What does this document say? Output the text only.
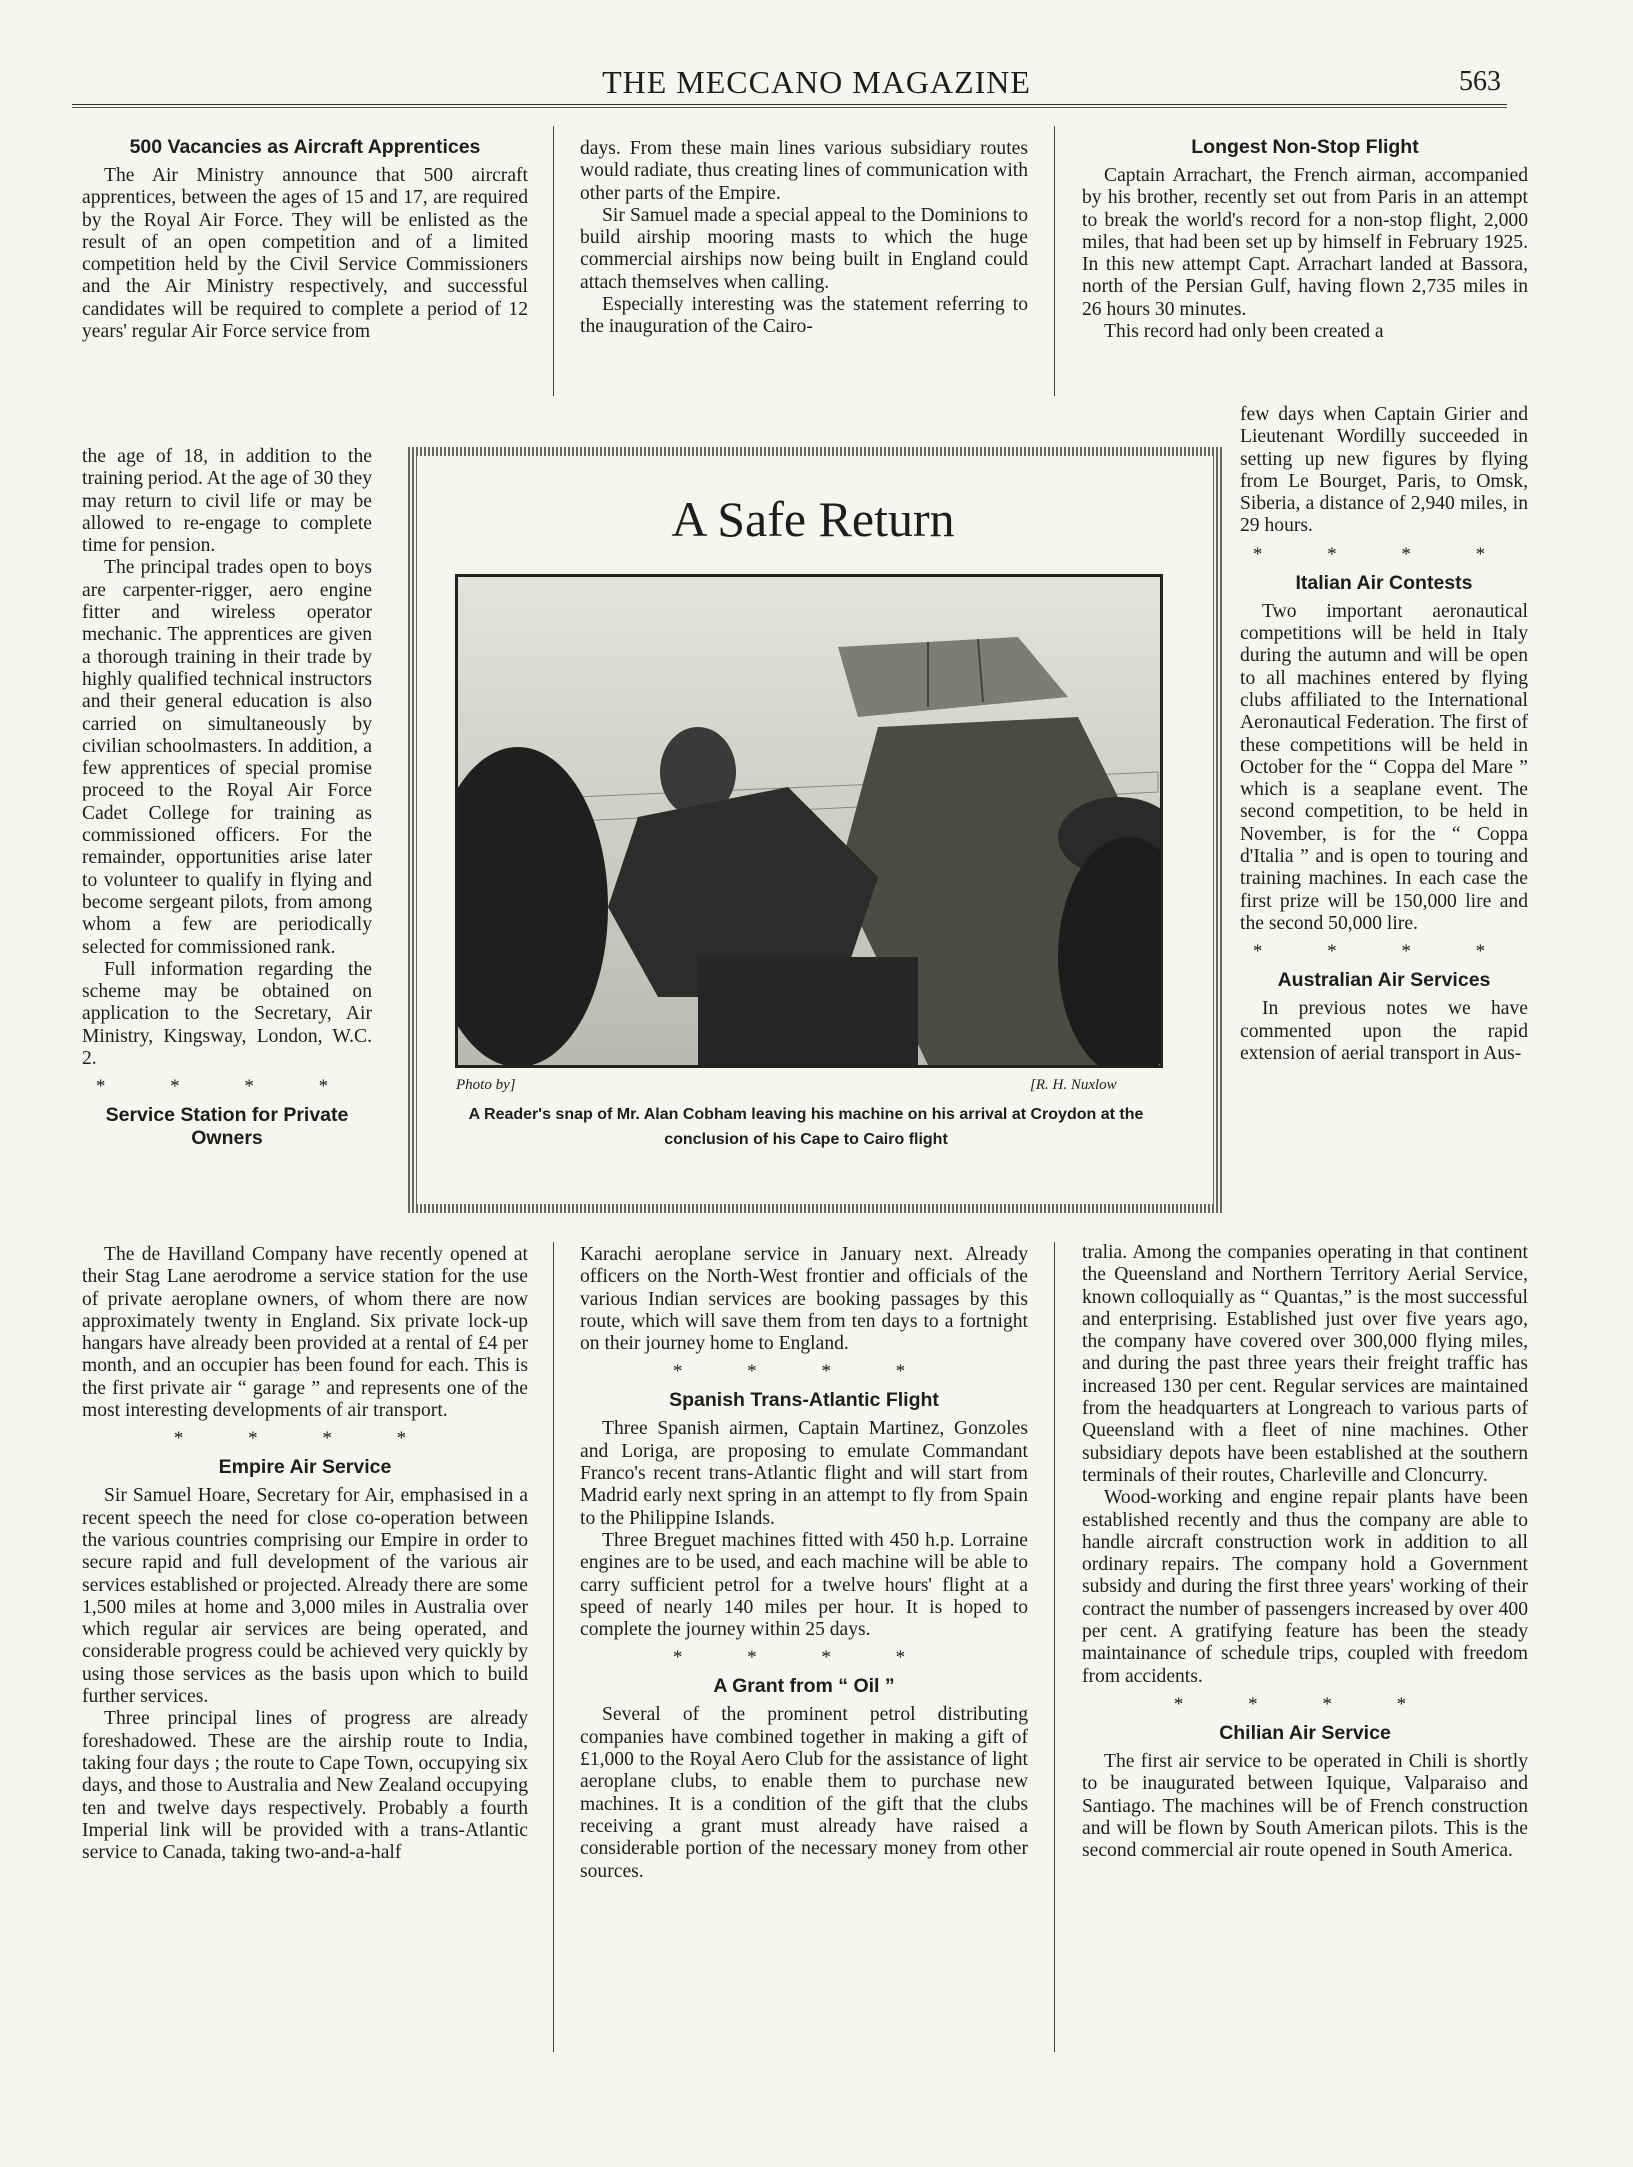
THE MECCANO MAGAZINE	563
500 Vacancies as Aircraft Apprentices

The Air Ministry announce that 500 aircraft apprentices, between the ages of 15 and 17, are required by the Royal Air Force. They will be enlisted as the result of an open competition and of a limited competition held by the Civil Service Commissioners and the Air Ministry respectively, and successful candidates will be required to complete a period of 12 years' regular Air Force service from

the age of 18, in addition to the training period. At the age of 30 they may return to civil life or may be allowed to re-engage to complete time for pension.

The principal trades open to boys are carpenter-rigger, aero engine fitter and wireless operator mechanic. The apprentices are given a thorough training in their trade by highly qualified technical instructors and their general education is also carried on simultaneously by civilian schoolmasters. In addition, a few apprentices of special promise proceed to the Royal Air Force Cadet College for training as commissioned officers. For the remainder, opportunities arise later to volunteer to qualify in flying and become sergeant pilots, from among whom a few are periodically selected for commissioned rank.

Full information regarding the scheme may be obtained on application to the Secretary, Air Ministry, Kingsway, London, W.C. 2.

* * * *
Service Station for Private Owners

The de Havilland Company have recently opened at their Stag Lane aerodrome a service station for the use of private aeroplane owners, of whom there are now approximately twenty in England. Six private lock-up hangars have already been provided at a rental of £4 per month, and an occupier has been found for each. This is the first private air “ garage ” and represents one of the most interesting developments of air transport.

* * * *
Empire Air Service

Sir Samuel Hoare, Secretary for Air, emphasised in a recent speech the need for close co-operation between the various countries comprising our Empire in order to secure rapid and full development of the various air services established or projected. Already there are some 1,500 miles at home and 3,000 miles in Australia over which regular air services are being operated, and considerable progress could be achieved very quickly by using those services as the basis upon which to build further services.

Three principal lines of progress are already foreshadowed. These are the airship route to India, taking four days ; the route to Cape Town, occupying six days, and those to Australia and New Zealand occupying ten and twelve days respectively. Probably a fourth Imperial link will be provided with a trans-Atlantic service to Canada, taking two-and-a-half

days. From these main lines various subsidiary routes would radiate, thus creating lines of communication with other parts of the Empire.

Sir Samuel made a special appeal to the Dominions to build airship mooring masts to which the huge commercial airships now being built in England could attach themselves when calling.

Especially interesting was the statement referring to the inauguration of the Cairo-

Karachi aeroplane service in January next. Already officers on the North-West frontier and officials of the various Indian services are booking passages by this route, which will save them from ten days to a fortnight on their journey home to England.

* * * *
Spanish Trans-Atlantic Flight

Three Spanish airmen, Captain Martinez, Gonzoles and Loriga, are proposing to emulate Commandant Franco's recent trans-Atlantic flight and will start from Madrid early next spring in an attempt to fly from Spain to the Philippine Islands.

Three Breguet machines fitted with 450 h.p. Lorraine engines are to be used, and each machine will be able to carry sufficient petrol for a twelve hours' flight at a speed of nearly 140 miles per hour. It is hoped to complete the journey within 25 days.

* * * *
A Grant from “ Oil ”

Several of the prominent petrol distributing companies have combined together in making a gift of £1,000 to the Royal Aero Club for the assistance of light aeroplane clubs, to enable them to purchase new machines. It is a condition of the gift that the clubs receiving a grant must already have raised a considerable portion of the necessary money from other sources.

Longest Non-Stop Flight

Captain Arrachart, the French airman, accompanied by his brother, recently set out from Paris in an attempt to break the world's record for a non-stop flight, 2,000 miles, that had been set up by himself in February 1925. In this new attempt Capt. Arrachart landed at Bassora, north of the Persian Gulf, having flown 2,735 miles in 26 hours 30 minutes.

This record had only been created a

few days when Captain Girier and Lieutenant Wordilly succeeded in setting up new figures by flying from Le Bourget, Paris, to Omsk, Siberia, a distance of 2,940 miles, in 29 hours.

* * * *
Italian Air Contests

Two important aeronautical competitions will be held in Italy during the autumn and will be open to all machines entered by flying clubs affiliated to the International Aeronautical Federation. The first of these competitions will be held in October for the “ Coppa del Mare ” which is a seaplane event. The second competition, to be held in November, is for the “ Coppa d'Italia ” and is open to touring and training machines. In each case the first prize will be 150,000 lire and the second 50,000 lire.

* * * *
Australian Air Services

In previous notes we have commented upon the rapid extension of aerial transport in Aus-

tralia. Among the companies operating in that continent the Queensland and Northern Territory Aerial Service, known colloquially as “ Quantas,” is the most successful and enterprising. Established just over five years ago, the company have covered over 300,000 flying miles, and during the past three years their freight traffic has increased 130 per cent. Regular services are maintained from the headquarters at Longreach to various parts of Queensland with a fleet of nine machines. Other subsidiary depots have been established at the southern terminals of their routes, Charleville and Cloncurry.

Wood-working and engine repair plants have been established recently and thus the company are able to handle aircraft construction work in addition to all ordinary repairs. The company hold a Government subsidy and during the first three years' working of their contract the number of passengers increased by over 400 per cent. A gratifying feature has been the steady maintainance of schedule trips, coupled with freedom from accidents.

* * * *
Chilian Air Service

The first air service to be operated in Chili is shortly to be inaugurated between Iquique, Valparaiso and Santiago. The machines will be of French construction and will be flown by South American pilots. This is the second commercial air route opened in South America.

A Safe Return
Photo by]	[R. H. Nuxlow
A Reader's snap of Mr. Alan Cobham leaving his machine on his arrival at Croydon at the conclusion of his Cape to Cairo flight
